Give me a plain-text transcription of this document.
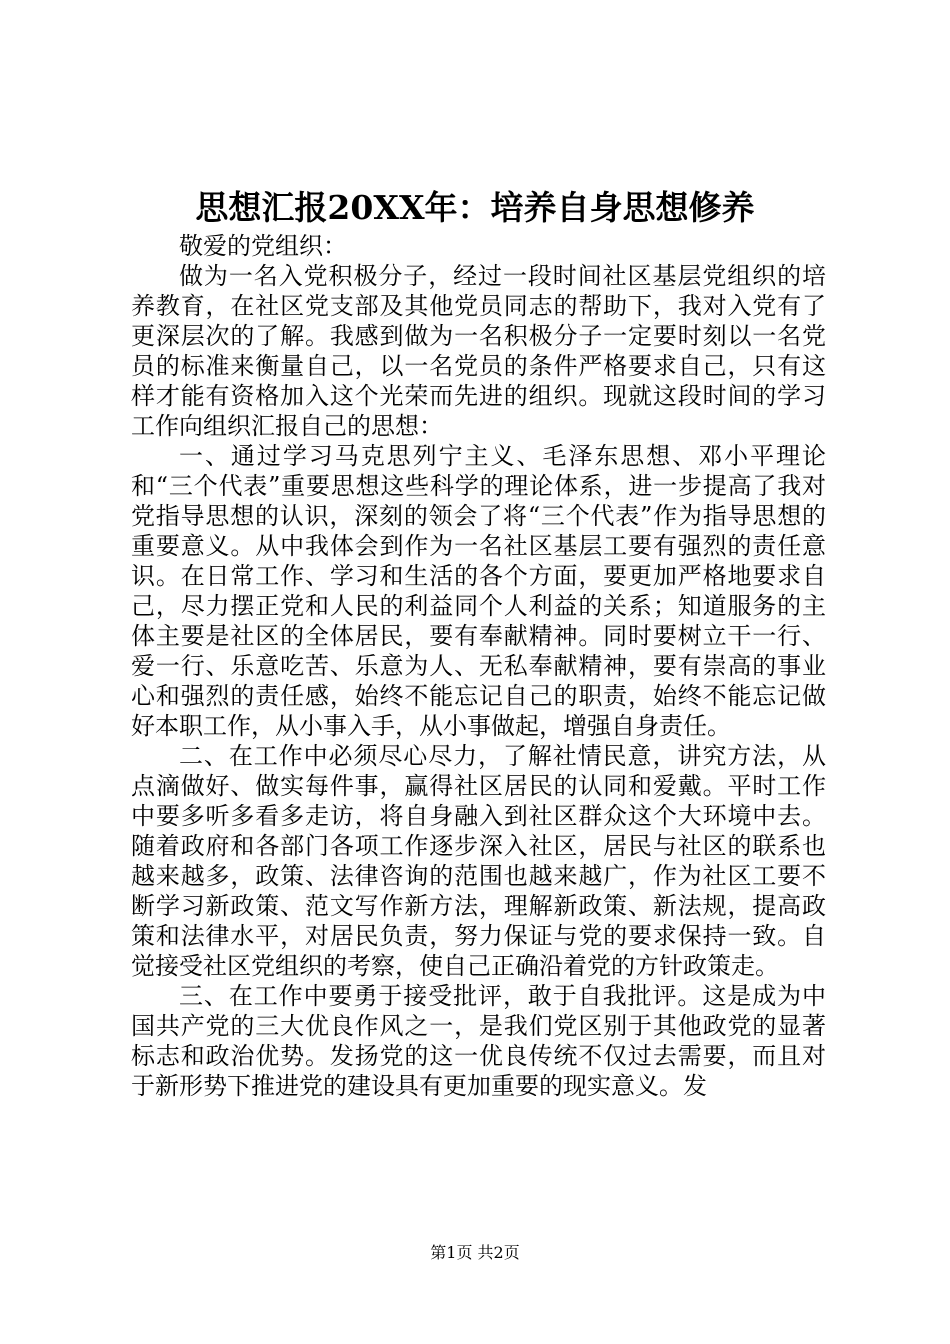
思想汇报20XX年：培养自身思想修养

敬爱的党组织：

做为一名入党积极分子，经过一段时间社区基层党组织的培养教育，在社区党支部及其他党员同志的帮助下，我对入党有了更深层次的了解。我感到做为一名积极分子一定要时刻以一名党员的标准来衡量自己，以一名党员的条件严格要求自己，只有这样才能有资格加入这个光荣而先进的组织。现就这段时间的学习工作向组织汇报自己的思想：

一、通过学习马克思列宁主义、毛泽东思想、邓小平理论和“三个代表”重要思想这些科学的理论体系，进一步提高了我对党指导思想的认识，深刻的领会了将“三个代表”作为指导思想的重要意义。从中我体会到作为一名社区基层工要有强烈的责任意识。在日常工作、学习和生活的各个方面，要更加严格地要求自己，尽力摆正党和人民的利益同个人利益的关系；知道服务的主体主要是社区的全体居民，要有奉献精神。同时要树立干一行、爱一行、乐意吃苦、乐意为人、无私奉献精神，要有崇高的事业心和强烈的责任感，始终不能忘记自己的职责，始终不能忘记做好本职工作，从小事入手，从小事做起，增强自身责任。

二、在工作中必须尽心尽力，了解社情民意，讲究方法，从点滴做好、做实每件事，赢得社区居民的认同和爱戴。平时工作中要多听多看多走访，将自身融入到社区群众这个大环境中去。随着政府和各部门各项工作逐步深入社区，居民与社区的联系也越来越多，政策、法律咨询的范围也越来越广，作为社区工要不断学习新政策、范文写作新方法，理解新政策、新法规，提高政策和法律水平，对居民负责，努力保证与党的要求保持一致。自觉接受社区党组织的考察，使自己正确沿着党的方针政策走。

三、在工作中要勇于接受批评，敢于自我批评。这是成为中国共产党的三大优良作风之一，是我们党区别于其他政党的显著标志和政治优势。发扬党的这一优良传统不仅过去需要，而且对于新形势下推进党的建设具有更加重要的现实意义。发

第1页 共2页
